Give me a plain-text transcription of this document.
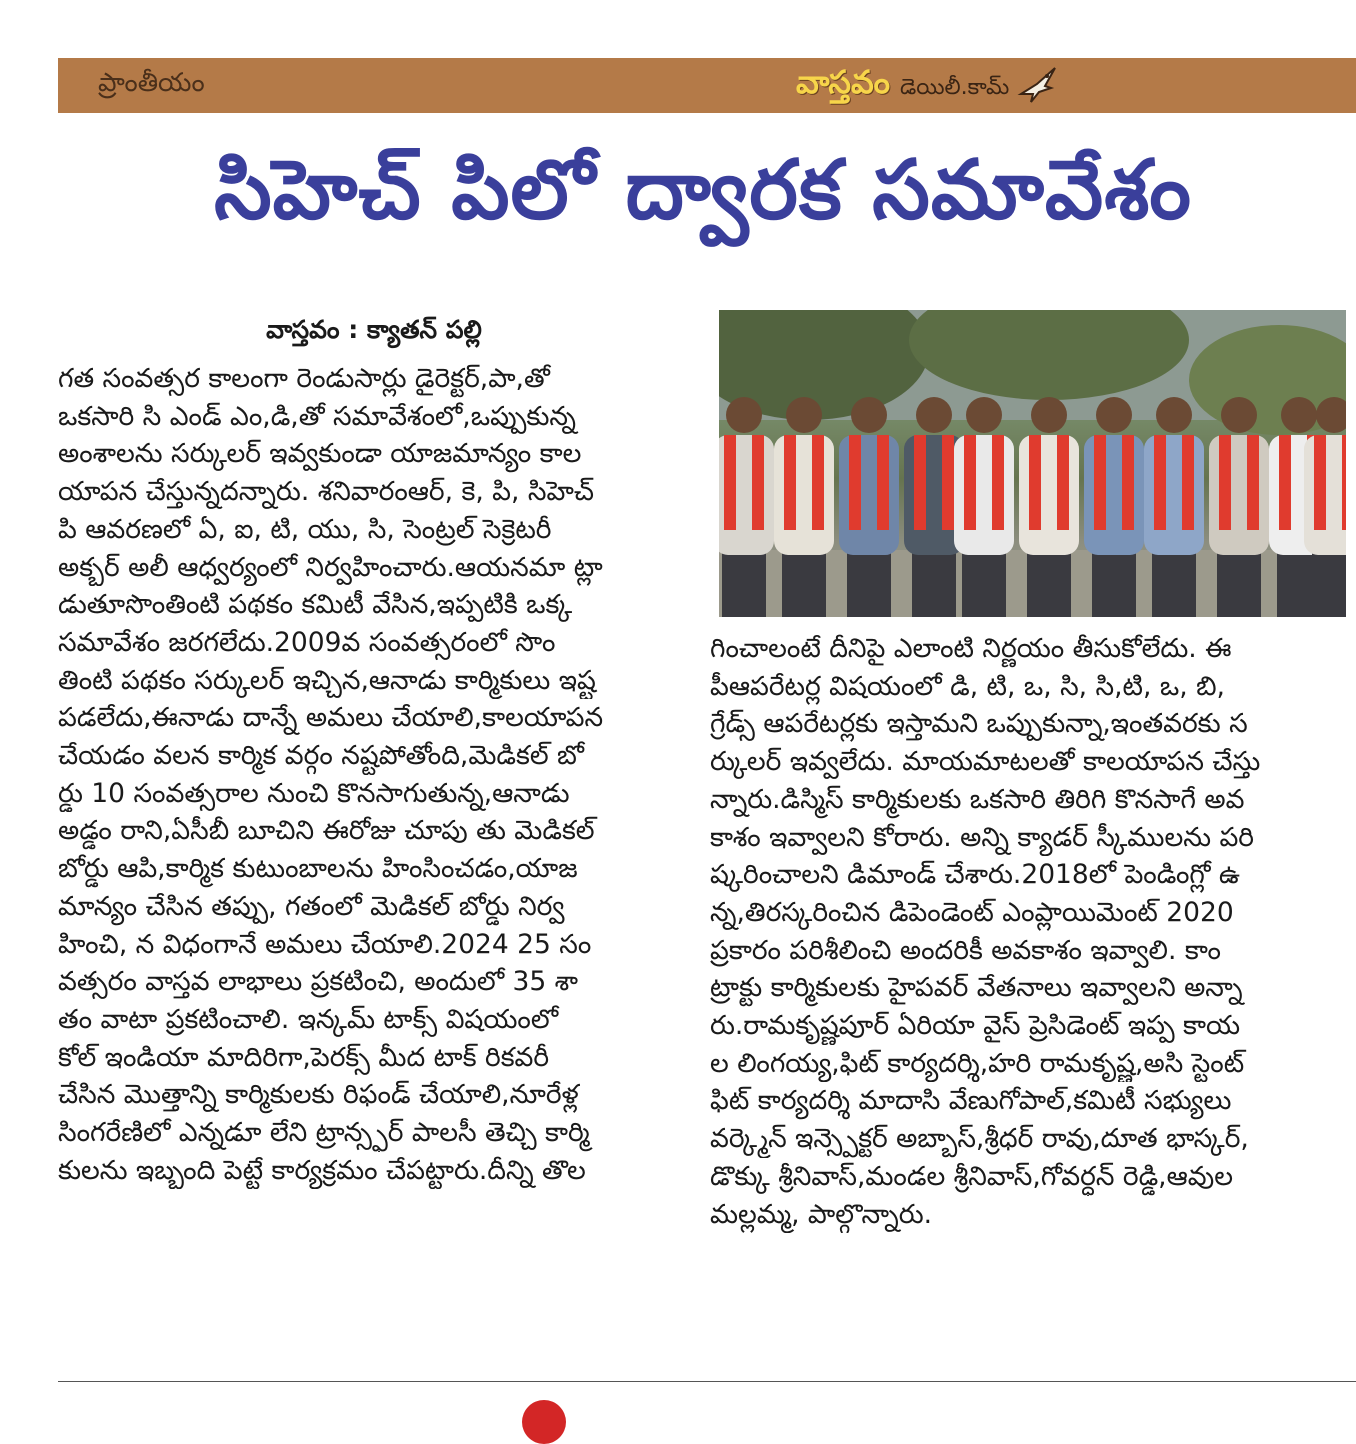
ప్రాంతీయం	వాస్తవం డెయిలీ.కామ్
సిహెచ్ పిలో ద్వారక సమావేశం
వాస్తవం : క్యాతన్ పల్లి
గత సంవత్సర కాలంగా రెండుసార్లు డైరెక్టర్,పా,తో
ఒకసారి సి ఎండ్ ఎం,డి,తో సమావేశంలో,ఒప్పుకున్న
అంశాలను సర్కులర్ ఇవ్వకుండా యాజమాన్యం కాల
యాపన చేస్తున్నదన్నారు. శనివారంఆర్, కె, పి, సిహెచ్
పి ఆవరణలో ఏ, ఐ, టి, యు, సి, సెంట్రల్ సెక్రెటరీ
అక్బర్ అలీ ఆధ్వర్యంలో నిర్వహించారు.ఆయనమా ట్లా
డుతూసొంతింటి పథకం కమిటీ వేసిన,ఇప్పటికి ఒక్క
సమావేశం జరగలేదు.2009వ సంవత్సరంలో సొం
తింటి పథకం సర్కులర్ ఇచ్చిన,ఆనాడు కార్మికులు ఇష్ట
పడలేదు,ఈనాడు దాన్నే అమలు చేయాలి,కాలయాపన
చేయడం వలన కార్మిక వర్గం నష్టపోతోంది,మెడికల్ బో
ర్డు 10 సంవత్సరాల నుంచి కొనసాగుతున్న,ఆనాడు
అడ్డం రాని,ఏసీబీ బూచిని ఈరోజు చూపు తు మెడికల్
బోర్డు ఆపి,కార్మిక కుటుంబాలను హింసించడం,యాజ
మాన్యం చేసిన తప్పు, గతంలో మెడికల్ బోర్డు నిర్వ
హించి, న విధంగానే అమలు చేయాలి.2024 25 సం
వత్సరం వాస్తవ లాభాలు ప్రకటించి, అందులో 35 శా
తం వాటా ప్రకటించాలి. ఇన్కమ్ టాక్స్ విషయంలో
కోల్ ఇండియా మాదిరిగా,పెరక్స్ మీద టాక్ రికవరీ
చేసిన మొత్తాన్ని కార్మికులకు రిఫండ్ చేయాలి,నూరేళ్ల
సింగరేణిలో ఎన్నడూ లేని ట్రాన్స్ఫర్ పాలసీ తెచ్చి కార్మి
కులను ఇబ్బంది పెట్టే కార్యక్రమం చేపట్టారు.దీన్ని తొల
గించాలంటే దీనిపై ఎలాంటి నిర్ణయం తీసుకోలేదు. ఈ
పీఆపరేటర్ల విషయంలో డి, టి, ఒ, సి, సి,టి, ఒ, బి,
గ్రేడ్స్ ఆపరేటర్లకు ఇస్తామని ఒప్పుకున్నా,ఇంతవరకు స
ర్కులర్ ఇవ్వలేదు. మాయమాటలతో కాలయాపన చేస్తు
న్నారు.డిస్మిస్ కార్మికులకు ఒకసారి తిరిగి కొనసాగే అవ
కాశం ఇవ్వాలని కోరారు. అన్ని క్యాడర్ స్కీములను పరి
ష్కరించాలని డిమాండ్ చేశారు.2018లో పెండింగ్లో ఉ
న్న,తిరస్కరించిన డిపెండెంట్ ఎంప్లాయిమెంట్ 2020
ప్రకారం పరిశీలించి అందరికీ అవకాశం ఇవ్వాలి. కాం
ట్రాక్టు కార్మికులకు హైపవర్ వేతనాలు ఇవ్వాలని అన్నా
రు.రామకృష్ణపూర్ ఏరియా వైస్ ప్రెసిడెంట్ ఇప్ప కాయ
ల లింగయ్య,ఫిట్ కార్యదర్శి,హరి రామకృష్ణ,అసి స్టెంట్
ఫిట్ కార్యదర్శి మాదాసి వేణుగోపాల్,కమిటీ సభ్యులు
వర్క్మెన్ ఇన్స్పెక్టర్ అబ్బాస్,శ్రీధర్ రావు,దూత భాస్కర్,
డొక్కు శ్రీనివాస్,మండల శ్రీనివాస్,గోవర్ధన్ రెడ్డి,ఆవుల
మల్లమ్మ, పాల్గొన్నారు.
